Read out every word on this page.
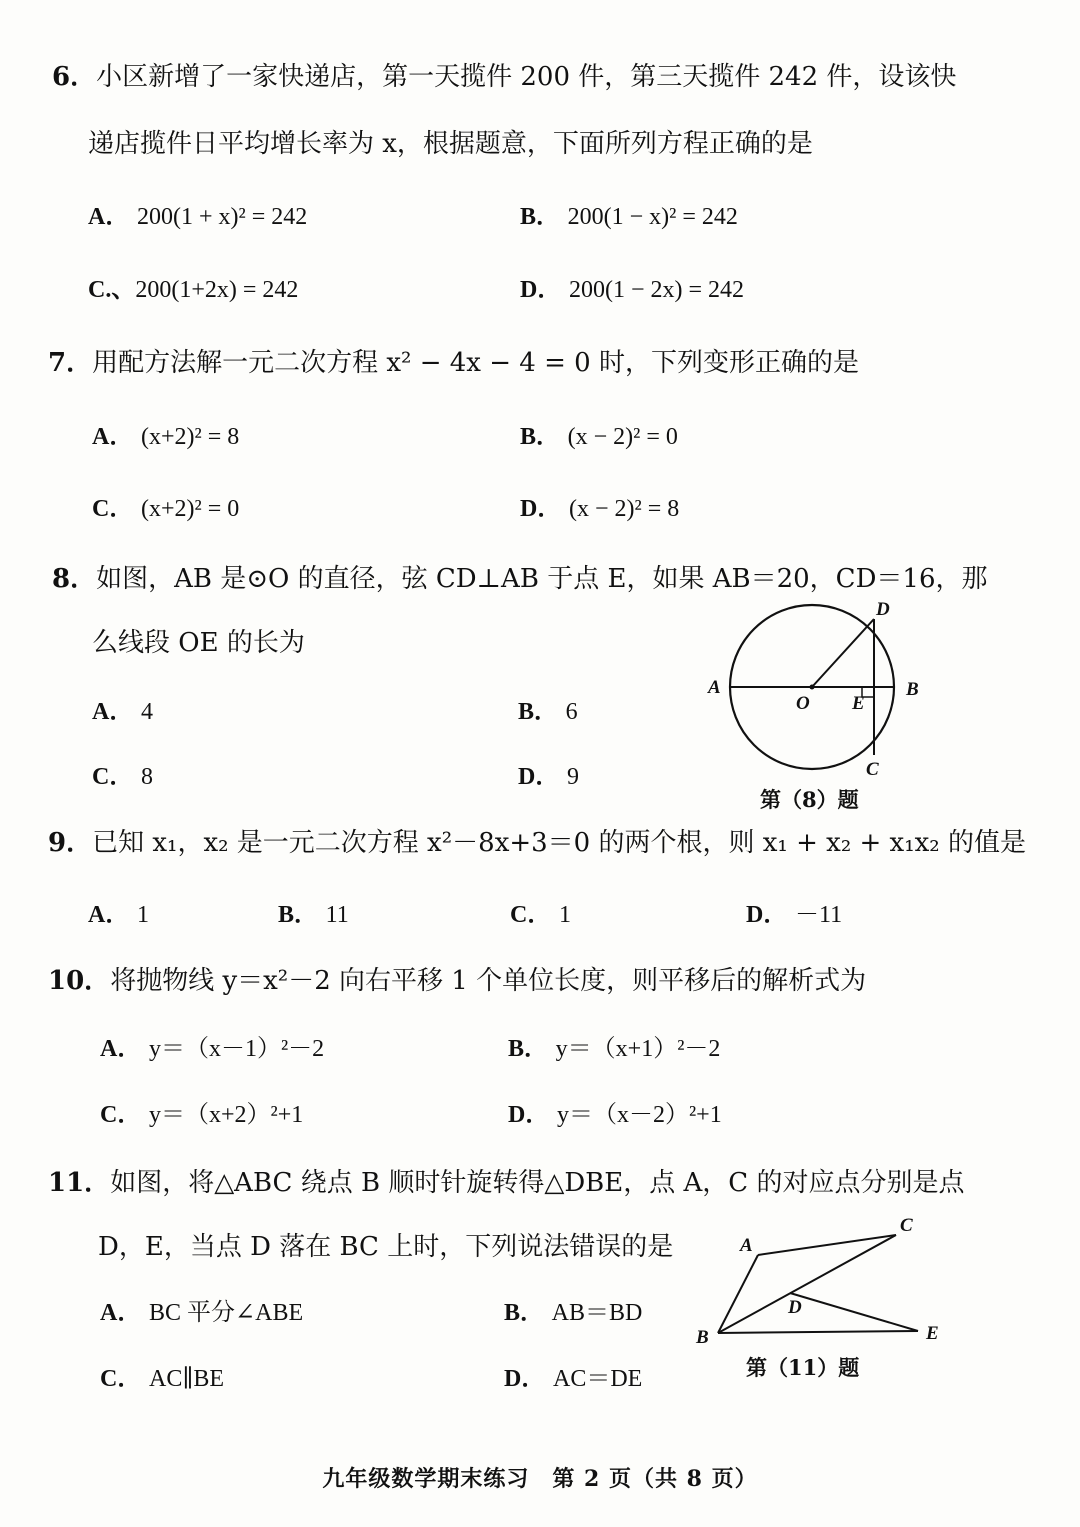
6．小区新增了一家快递店，第一天揽件 200 件，第三天揽件 242 件，设该快
递店揽件日平均增长率为 x，根据题意，下面所列方程正确的是
A． 200(1 + x)² = 242	B． 200(1 − x)² = 242
C.、200(1+2x) = 242	D． 200(1 − 2x) = 242
7．用配方法解一元二次方程 x² − 4x − 4 = 0 时，下列变形正确的是
A． (x+2)² = 8	B． (x − 2)² = 0
C． (x+2)² = 0	D． (x − 2)² = 8
8．如图，AB 是⊙O 的直径，弦 CD⊥AB 于点 E，如果 AB＝20，CD＝16，那
么线段 OE 的长为
A． 4	B． 6
C． 8	D． 9
A	B
D
C
O E
第（8）题
9．已知 x₁，x₂ 是一元二次方程 x²－8x+3＝0 的两个根，则 x₁ + x₂ + x₁x₂ 的值是
A． 1	B． 11	C． 1	D． －11
10．将抛物线 y＝x²－2 向右平移 1 个单位长度，则平移后的解析式为
A． y＝（x－1）²－2	B． y＝（x+1）²－2
C． y＝（x+2）²+1	D． y＝（x－2）²+1
11．如图，将△ABC 绕点 B 顺时针旋转得△DBE，点 A，C 的对应点分别是点
D，E，当点 D 落在 BC 上时，下列说法错误的是
A． BC 平分∠ABE	B． AB＝BD
C． AC∥BE	D． AC＝DE
A
C
D
B	E
第（11）题
九年级数学期末练习　第 2 页（共 8 页）
